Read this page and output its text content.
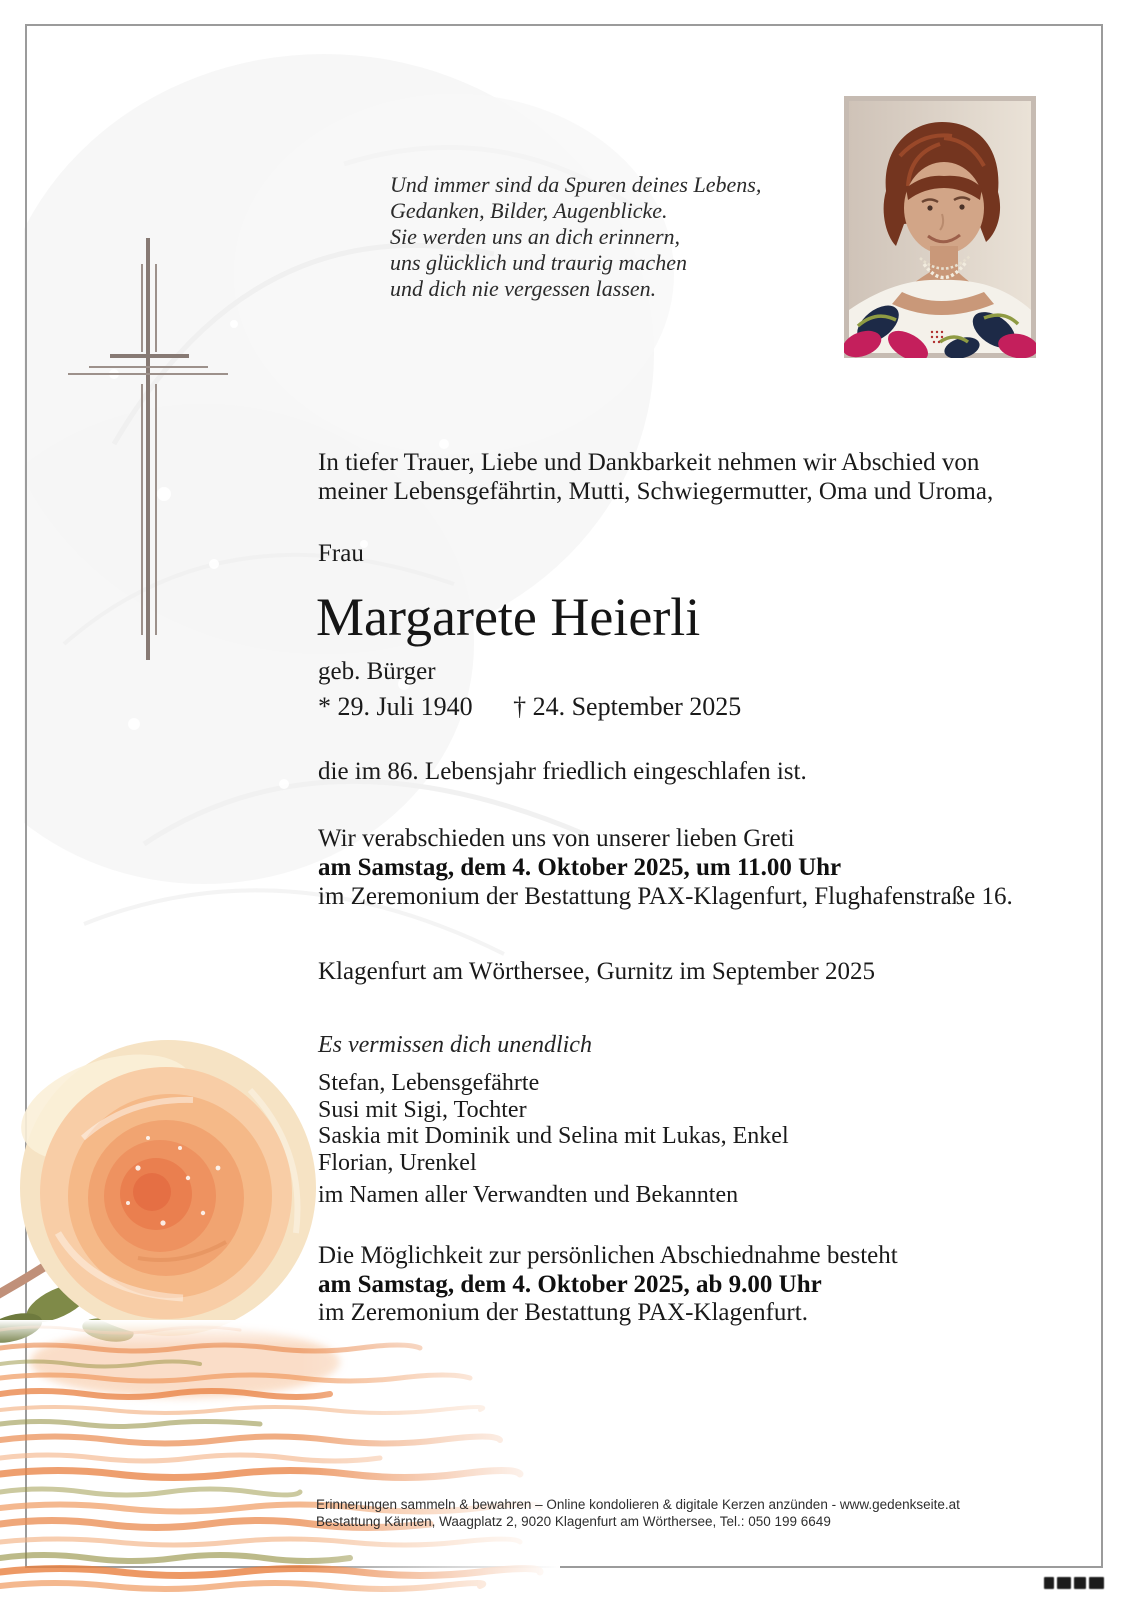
Und immer sind da Spuren deines Lebens,
Gedanken, Bilder, Augenblicke.
Sie werden uns an dich erinnern,
uns glücklich und traurig machen
und dich nie vergessen lassen.
In tiefer Trauer, Liebe und Dankbarkeit nehmen wir Abschied von
meiner Lebensgefährtin, Mutti, Schwiegermutter, Oma und Uroma,
Frau
Margarete Heierli
geb. Bürger
* 29. Juli 1940 † 24. September 2025
die im 86. Lebensjahr friedlich eingeschlafen ist.
Wir verabschieden uns von unserer lieben Greti
am Samstag, dem 4. Oktober 2025, um 11.00 Uhr
im Zeremonium der Bestattung PAX-Klagenfurt, Flughafenstraße 16.
Klagenfurt am Wörthersee, Gurnitz im September 2025
Es vermissen dich unendlich
Stefan, Lebensgefährte
Susi mit Sigi, Tochter
Saskia mit Dominik und Selina mit Lukas, Enkel
Florian, Urenkel
im Namen aller Verwandten und Bekannten
Die Möglichkeit zur persönlichen Abschiednahme besteht
am Samstag, dem 4. Oktober 2025, ab 9.00 Uhr
im Zeremonium der Bestattung PAX-Klagenfurt.
Erinnerungen sammeln & bewahren – Online kondolieren & digitale Kerzen anzünden - www.gedenkseite.at
Bestattung Kärnten, Waagplatz 2, 9020 Klagenfurt am Wörthersee, Tel.: 050 199 6649
